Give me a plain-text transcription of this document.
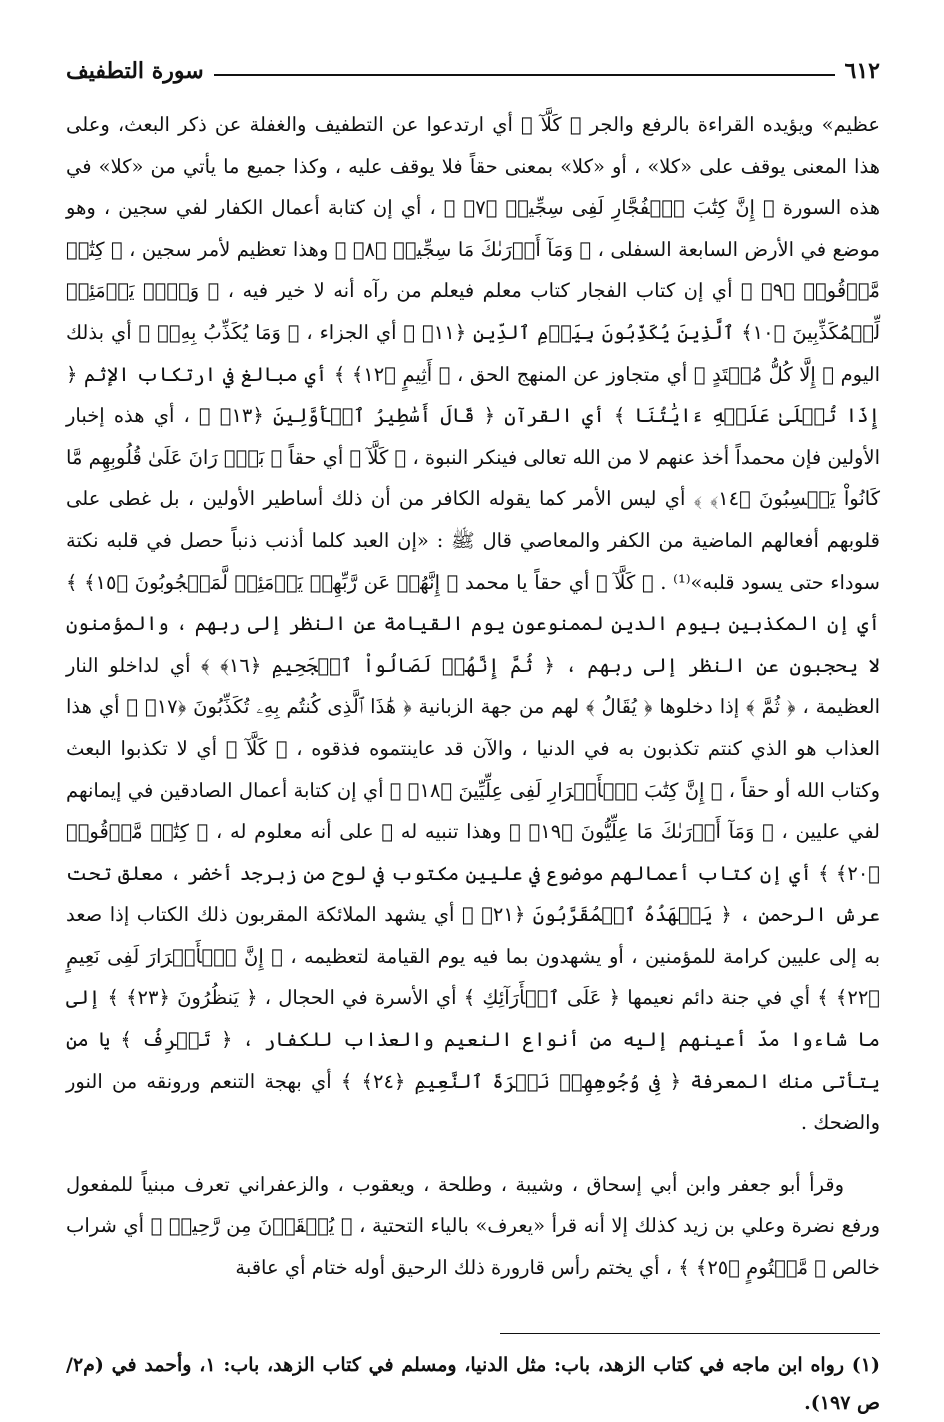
٦١٢
سورة التطفيف

عظيم» ويؤيده القراءة بالرفع والجر ﴿ كَلَّآ ﴾ أي ارتدعوا عن التطفيف والغفلة عن ذكر البعث، وعلى هذا المعنى يوقف على «كلا» ، أو «كلا» بمعنى حقاً فلا يوقف عليه ، وكذا جميع ما يأتي من «كلا» في هذه السورة ﴿ إِنَّ كِتَٰبَ ٱلۡفُجَّارِ لَفِى سِجِّينٖ ﴿٧﴾ ﴾ ، أي إن كتابة أعمال الكفار لفي سجين ، وهو موضع في الأرض السابعة السفلى ، ﴿ وَمَآ أَدۡرَىٰكَ مَا سِجِّينٞ ﴿٨﴾ ﴾ وهذا تعظيم لأمر سجين ، ﴿ كِتَٰبٞ مَّرۡقُومٞ ﴿٩﴾ ﴾ أي إن كتاب الفجار كتاب معلم فيعلم من رآه أنه لا خير فيه ، ﴿ وَيۡلٞ يَوۡمَئِذٖ لِّلۡمُكَذِّبِينَ ﴿١٠﴾ ٱلَّذِينَ يُكَذِّبُونَ بِيَوۡمِ ٱلدِّينِ ﴿١١﴾ ﴾ أي الجزاء ، ﴿ وَمَا يُكَذِّبُ بِهِۦٓ ﴾ أي بذلك اليوم ﴿ إِلَّا كُلُّ مُعۡتَدٍ ﴾ أي متجاوز عن المنهج الحق ، ﴿ أَثِيمٍ ﴿١٢﴾ ﴾ أي مبالغ في ارتكاب الإثم ﴿ إِذَا تُتۡلَىٰ عَلَيۡهِ ءَايَٰتُنَا ﴾ أي القرآن ﴿ قَالَ أَسَٰطِيرُ ٱلۡأَوَّلِينَ ﴿١٣﴾ ﴾ ، أي هذه إخبار الأولين فإن محمداً أخذ عنهم لا من الله تعالى فينكر النبوة ، ﴿ كَلَّآ ﴾ أي حقاً ﴿ بَلۡۜ رَانَ عَلَىٰ قُلُوبِهِم مَّا كَانُواْ يَكۡسِبُونَ ﴿١٤﴾ ﴾ أي ليس الأمر كما يقوله الكافر من أن ذلك أساطير الأولين ، بل غطى على قلوبهم أفعالهم الماضية من الكفر والمعاصي قال ﷺ : «إن العبد كلما أذنب ذنباً حصل في قلبه نكتة سوداء حتى يسود قلبه»⁽¹⁾ . ﴿ كَلَّآ ﴾ أي حقاً يا محمد ﴿ إِنَّهُمۡ عَن رَّبِّهِمۡ يَوۡمَئِذٖ لَّمَحۡجُوبُونَ ﴿١٥﴾ ﴾ أي إن المكذبين بيوم الدين لممنوعون يوم القيامة عن النظر إلى ربهم ، والمؤمنون لا يحجبون عن النظر إلى ربهم ، ﴿ ثُمَّ إِنَّهُمۡ لَصَالُواْ ٱلۡجَحِيمِ ﴿١٦﴾ ﴾ أي لداخلو النار العظيمة ، ﴿ ثُمَّ ﴾ إذا دخلوها ﴿ يُقَالُ ﴾ لهم من جهة الزبانية ﴿ هَٰذَا ٱلَّذِى كُنتُم بِهِۦ تُكَذِّبُونَ ﴿١٧﴾ ﴾ أي هذا العذاب هو الذي كنتم تكذبون به في الدنيا ، والآن قد عاينتموه فذقوه ، ﴿ كَلَّآ ﴾ أي لا تكذبوا البعث وكتاب الله أو حقاً ، ﴿ إِنَّ كِتَٰبَ ٱلۡأَبۡرَارِ لَفِى عِلِّيِّينَ ﴿١٨﴾ ﴾ أي إن كتابة أعمال الصادقين في إيمانهم لفي عليين ، ﴿ وَمَآ أَدۡرَىٰكَ مَا عِلِّيُّونَ ﴿١٩﴾ ﴾ وهذا تنبيه له ﷺ على أنه معلوم له ، ﴿ كِتَٰبٞ مَّرۡقُومٞ ﴿٢٠﴾ ﴾ أي إن كتاب أعمالهم موضوع في عليين مكتوب في لوح من زبرجد أخضر ، معلق تحت عرش الرحمن ، ﴿ يَشۡهَدُهُ ٱلۡمُقَرَّبُونَ ﴿٢١﴾ ﴾ أي يشهد الملائكة المقربون ذلك الكتاب إذا صعد به إلى عليين كرامة للمؤمنين ، أو يشهدون بما فيه يوم القيامة لتعظيمه ، ﴿ إِنَّ ٱلۡأَبۡرَارَ لَفِى نَعِيمٍ ﴿٢٢﴾ ﴾ أي في جنة دائم نعيمها ﴿ عَلَى ٱلۡأَرَآئِكِ ﴾ أي الأسرة في الحجال ، ﴿ يَنظُرُونَ ﴿٢٣﴾ ﴾ إلى ما شاءوا مدّ أعينهم إليه من أنواع النعيم والعذاب للكفار ، ﴿ تَعۡرِفُ ﴾ يا من يتأتى منك المعرفة ﴿ فِى وُجُوهِهِمۡ نَضۡرَةَ ٱلنَّعِيمِ ﴿٢٤﴾ ﴾ أي بهجة التنعم ورونقه من النور والضحك .

وقرأ أبو جعفر وابن أبي إسحاق ، وشيبة ، وطلحة ، ويعقوب ، والزعفراني تعرف مبنياً للمفعول ورفع نضرة وعلي بن زيد كذلك إلا أنه قرأ «يعرف» بالياء التحتية ، ﴿ يُسۡقَوۡنَ مِن رَّحِيقٖ ﴾ أي شراب خالص ﴿ مَّخۡتُومٍ ﴿٢٥﴾ ﴾ ، أي يختم رأس قارورة ذلك الرحيق أوله ختام أي عاقبة

(١) رواه ابن ماجه في كتاب الزهد، باب: مثل الدنيا، ومسلم في كتاب الزهد، باب: ١، وأحمد في (م٢/ ص ١٩٧).
